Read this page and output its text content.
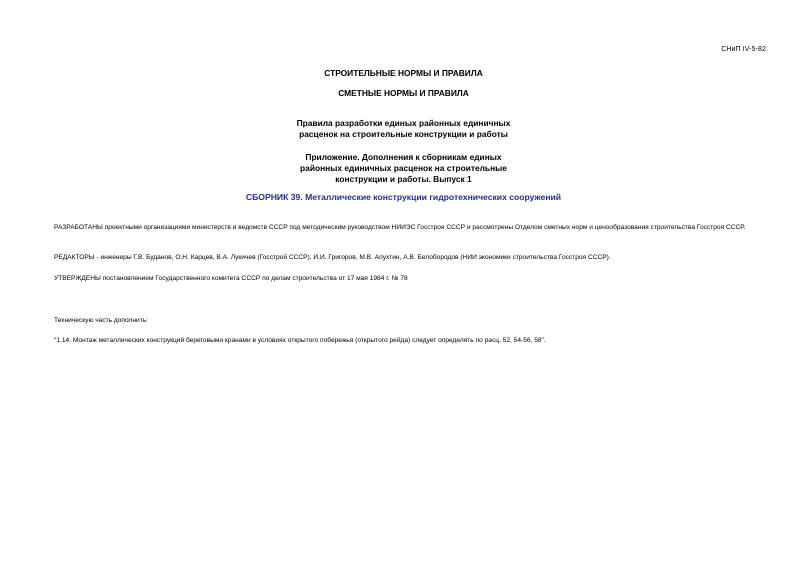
СНиП IV-5-82
СТРОИТЕЛЬНЫЕ НОРМЫ И ПРАВИЛА
СМЕТНЫЕ НОРМЫ И ПРАВИЛА
Правила разработки единых районных единичных
расценок на строительные конструкции и работы
Приложение. Дополнения к сборникам единых
районных единичных расценок на строительные
конструкции и работы. Выпуск 1
СБОРНИК 39. Металлические конструкции гидротехнических сооружений
РАЗРАБОТАНЫ проектными организациями министерств и ведомств СССР под методическим руководством НИИЭС Госстроя СССР и рассмотрены Отделом сметных норм и ценообразования строительства Госстроя СССР.
РЕДАКТОРЫ - инженеры Г.В. Буданов, О.Н. Карцев, В.А. Лукичев (Госстрой СССР), И.И. Григоров, М.В. Апухтин, А.В. Белобородов (НИИ экономики строительства Госстроя СССР).
УТВЕРЖДЕНЫ постановлением Государственного комитета СССР по делам строительства от 17 мая 1984 г. № 78
Техническую часть дополнить:
"1.14. Монтаж металлических конструкций береговыми кранами в условиях открытого побережья (открытого рейда) следует определять по расц. 52, 54-56, 58".
